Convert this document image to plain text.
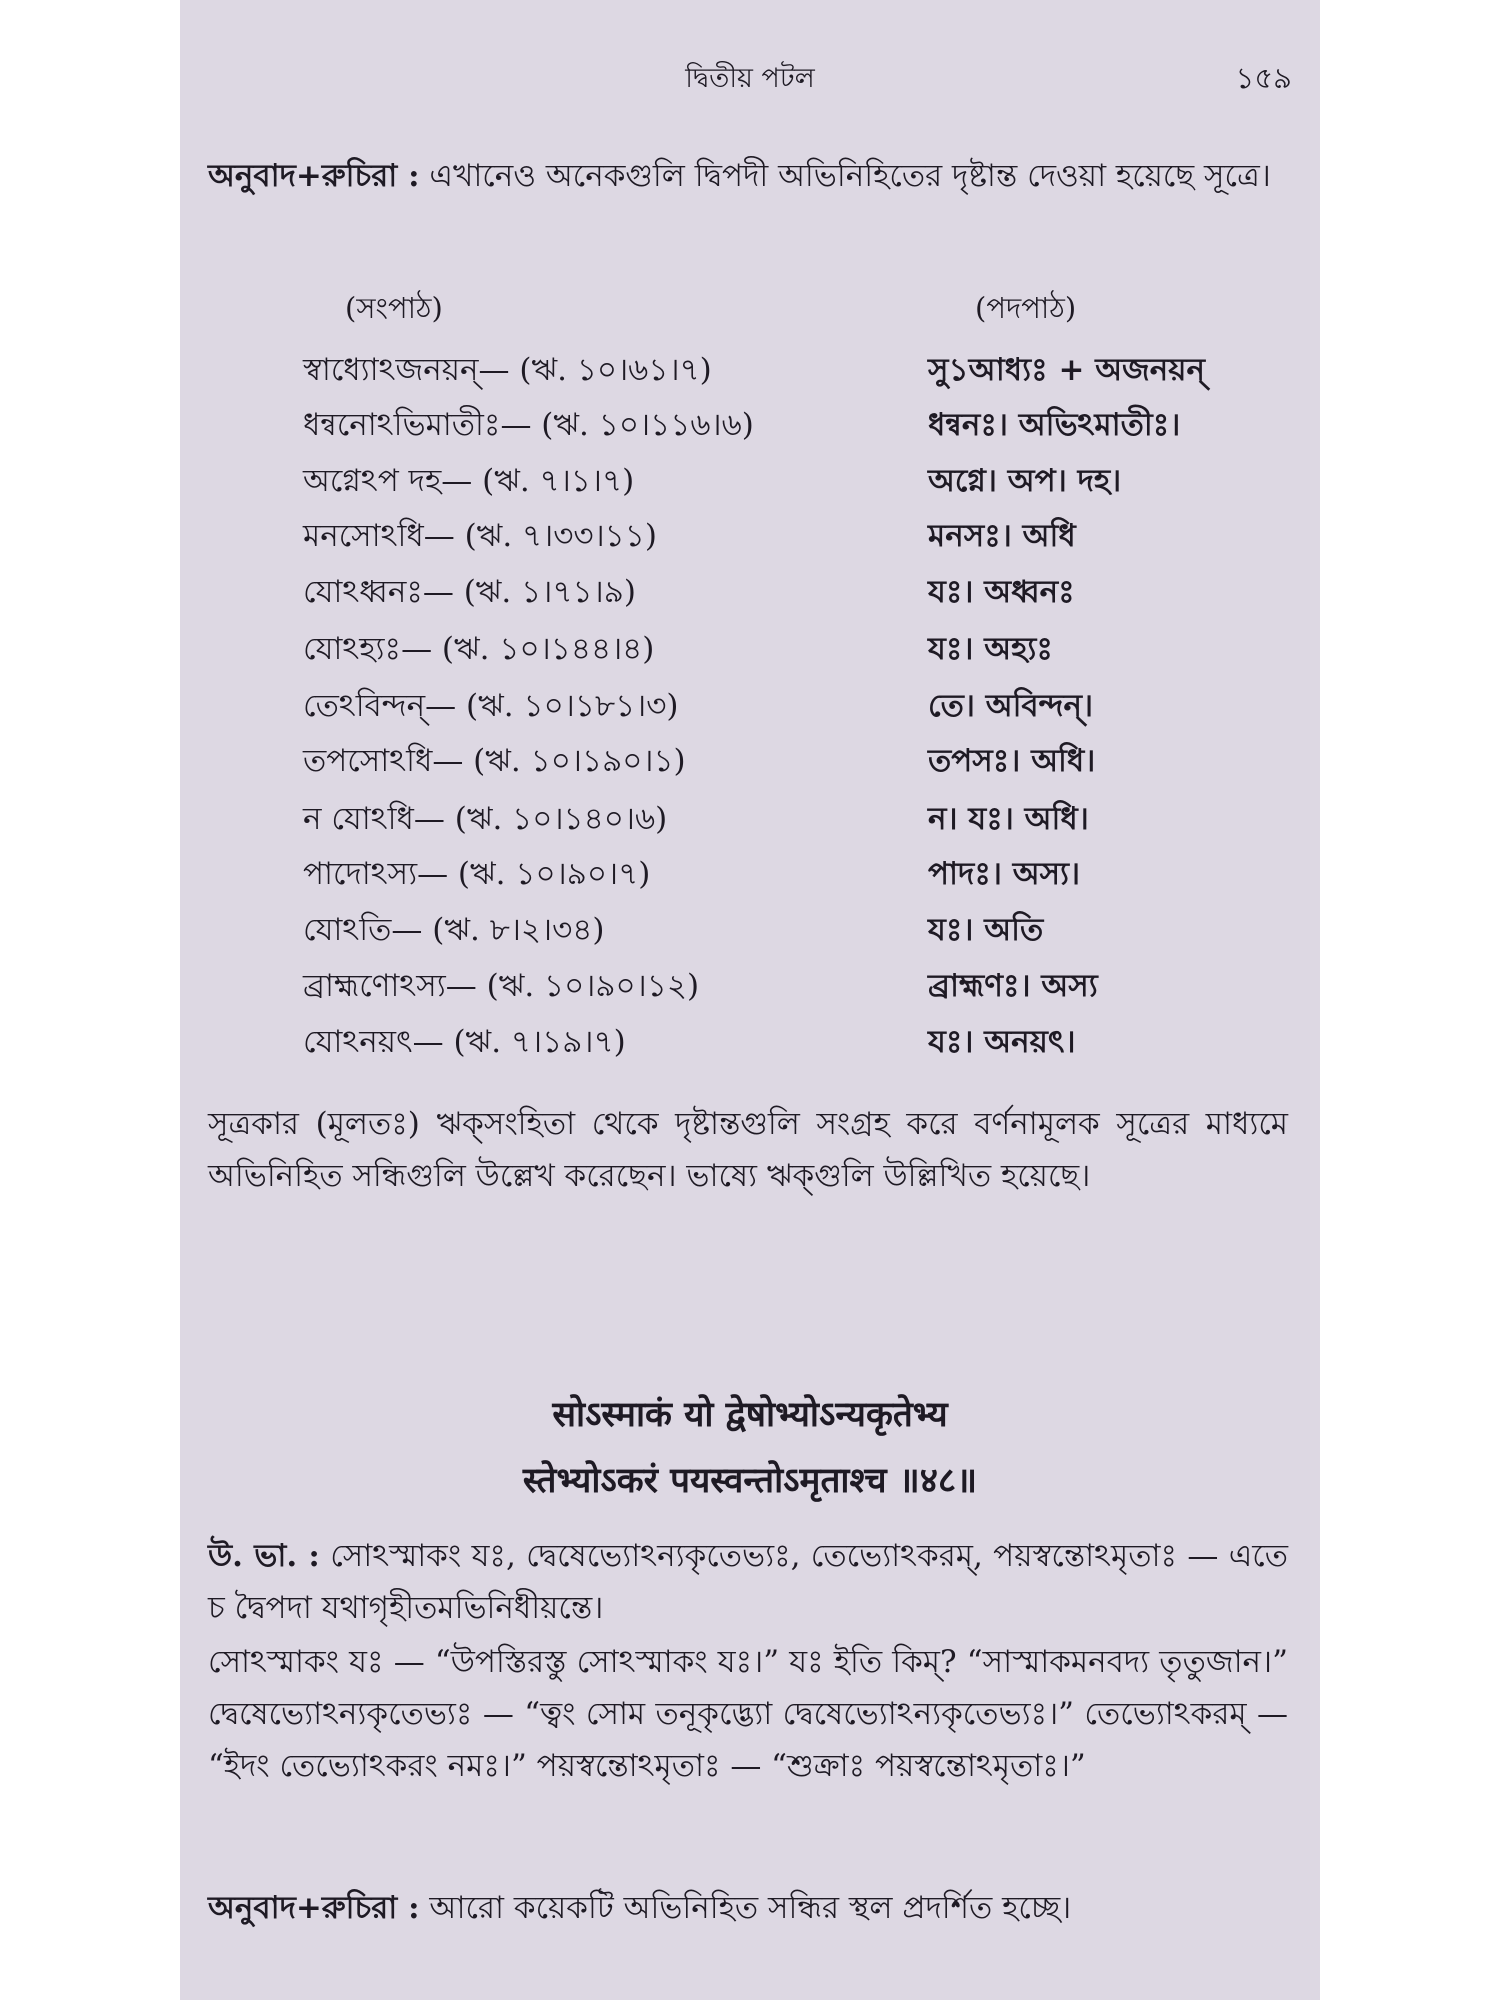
দ্বিতীয় পটল	১৫৯
অনুবাদ+রুচিরা : এখানেও অনেকগুলি দ্বিপদী অভিনিহিতের দৃষ্টান্ত দেওয়া হয়েছে সূত্রে।
(সংপাঠ)	(পদপাঠ)
স্বাধ্যোঽজনয়ন্— (ঋ. ১০।৬১।৭)	সু১আধ্যঃ + অজনয়ন্
ধন্বনোঽভিমাতীঃ— (ঋ. ১০।১১৬।৬)	ধন্বনঃ। অভিঽমাতীঃ।
অগ্নেঽপ দহ— (ঋ. ৭।১।৭)	অগ্নে। অপ। দহ।
মনসোঽধি— (ঋ. ৭।৩৩।১১)	মনসঃ। অধি
যোঽধ্বনঃ— (ঋ. ১।৭১।৯)	যঃ। অধ্বনঃ
যোঽহ্যঃ— (ঋ. ১০।১৪৪।৪)	যঃ। অহ্যঃ
তেঽবিন্দন্— (ঋ. ১০।১৮১।৩)	তে। অবিন্দন্।
তপসোঽধি— (ঋ. ১০।১৯০।১)	তপসঃ। অধি।
ন যোঽধি— (ঋ. ১০।১৪০।৬)	ন। যঃ। অধি।
পাদোঽস্য— (ঋ. ১০।৯০।৭)	পাদঃ। অস্য।
যোঽতি— (ঋ. ৮।২।৩৪)	যঃ। অতি
ব্রাহ্মণোঽস্য— (ঋ. ১০।৯০।১২)	ব্রাহ্মণঃ। অস্য
যোঽনয়ৎ— (ঋ. ৭।১৯।৭)	যঃ। অনয়ৎ।
সূত্রকার (মূলতঃ) ঋক্‌সংহিতা থেকে দৃষ্টান্তগুলি সংগ্রহ করে বর্ণনামূলক সূত্রের মাধ্যমে অভিনিহিত সন্ধিগুলি উল্লেখ করেছেন। ভাষ্যে ঋক্‌গুলি উল্লিখিত হয়েছে।
सोऽस्माकं यो द्वेषोभ्योऽन्यकृतेभ्य
स्तेभ्योऽकरं पयस्वन्तोऽमृताश्च ॥४८॥
উ. ভা. : সোঽস্মাকং যঃ, দ্বেষেভ্যোঽন্যকৃতেভ্যঃ, তেভ্যোঽকরম্, পয়স্বন্তোঽমৃতাঃ — এতে চ দ্বৈপদা যথাগৃহীতমভিনিধীয়ন্তে।
সোঽস্মাকং যঃ — “উপস্তিরস্তু সোঽস্মাকং যঃ।” যঃ ইতি কিম্? “সাস্মাকমনবদ্য তৃতুজান।” দ্বেষেভ্যোঽন্যকৃতেভ্যঃ — “ত্বং সোম তনূকৃদ্ভ্যো দ্বেষেভ্যোঽন্যকৃতেভ্যঃ।” তেভ্যোঽকরম্ — “ইদং তেভ্যোঽকরং নমঃ।” পয়স্বন্তোঽমৃতাঃ — “শুক্রাঃ পয়স্বন্তোঽমৃতাঃ।”
অনুবাদ+রুচিরা : আরো কয়েকটি অভিনিহিত সন্ধির স্থল প্রদর্শিত হচ্ছে।
